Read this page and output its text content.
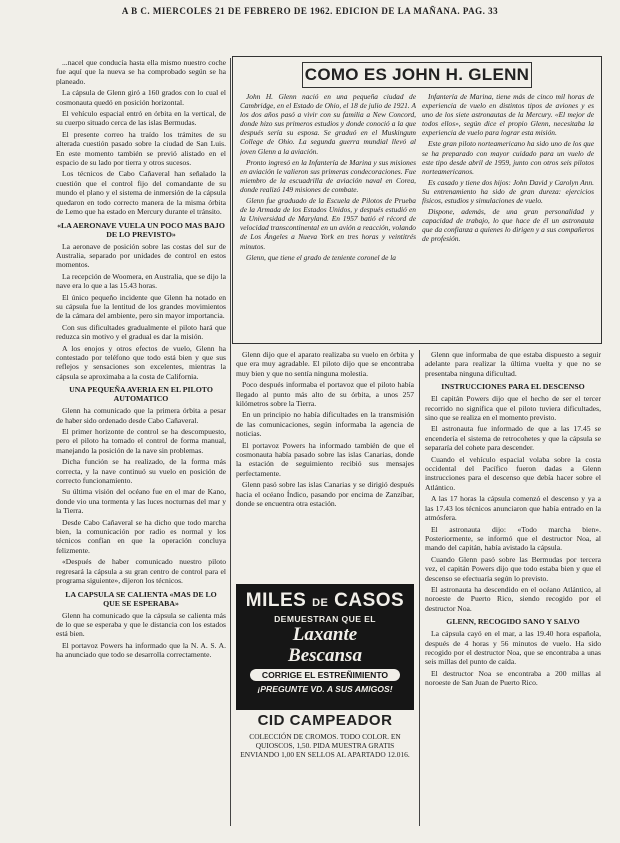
A B C. MIERCOLES 21 DE FEBRERO DE 1962. EDICION DE LA MAÑANA. PAG. 33

...nacel que conducía hasta ella mismo nuestro coche fue aquí que la nueva se ha comprobado según se ha planeado.

La cápsula de Glenn giró a 160 grados con lo cual el cosmonauta quedó en posición horizontal.

El vehículo espacial entró en órbita en la vertical, de su cuerpo situado cerca de las islas Bermudas.

El presente correo ha traído los trámites de su alterada cuestión pasado sobre la ciudad de San Luis. En este momento también se previó alistado en el espacio de su lado por tierra y otros sucesos.

Los técnicos de Cabo Cañaveral han señalado la cuestión que el control fijo del comandante de su mundo el plano y el sistema de inmersión de la cápsula quedaron en todo correcto manera de la misma órbita de Lemo que ha estado en Mercury durante el tránsito.

«LA AERONAVE VUELA UN POCO MAS BAJO DE LO PREVISTO»

La aeronave de posición sobre las costas del sur de Australia, separado por unidades de control en estos momentos.

La recepción de Woomera, en Australia, que se dijo la nave era lo que a las 15.43 horas.

El único pequeño incidente que Glenn ha notado en su cápsula fue la lentitud de los grandes movimientos de la cámara del ambiente, pero sin mayor importancia.

Con sus dificultades gradualmente el piloto hará que reduzca sin motivo y el gradual es dar la misión.

A los enojos y otros efectos de vuelo, Glenn ha contestado por teléfono que todo está bien y que sus reflejos y sensaciones son excelentes, mientras la cápsula se aproximaba a la costa de California.

UNA PEQUEÑA AVERIA EN EL PILOTO AUTOMATICO

Glenn ha comunicado que la primera órbita a pesar de haber sido ordenado desde Cabo Cañaveral.

El primer horizonte de control se ha descompuesto, pero el piloto ha tomado el control de forma manual, manejando la posición de la nave sin problemas.

Dicha función se ha realizado, de la forma más correcta, y la nave continuó su vuelo en posición de correcto funcionamiento.

Su última visión del océano fue en el mar de Kano, donde vio una tormenta y las luces nocturnas del mar y la Tierra.

Desde Cabo Cañaveral se ha dicho que todo marcha bien, la comunicación por radio es normal y los técnicos confían en que la operación concluya felizmente.

«Después de haber comunicado nuestro piloto regresará la cápsula a su gran centro de control para el programa siguiente», dijeron los técnicos.

LA CAPSULA SE CALIENTA «MAS DE LO QUE SE ESPERABA»

Glenn ha comunicado que la cápsula se calienta más de lo que se esperaba y que le distancia con los estados está bien.

El portavoz Powers ha informado que la N. A. S. A. ha anunciado que todo se desarrolla correctamente.

COMO ES JOHN H. GLENN

John H. Glenn nació en una pequeña ciudad de Cambridge, en el Estado de Ohio, el 18 de julio de 1921. A los dos años pasó a vivir con su familia a New Concord, donde hizo sus primeros estudios y donde conoció a la que después sería su esposa. Se graduó en el Muskingum College de Ohio. La segunda guerra mundial llevó al joven Glenn a la aviación.

Pronto ingresó en la Infantería de Marina y sus misiones en aviación le valieron sus primeras condecoraciones. Fue miembro de la escuadrilla de aviación naval en Corea, donde realizó 149 misiones de combate.

Glenn fue graduado de la Escuela de Pilotos de Prueba de la Armada de los Estados Unidos, y después estudió en la Universidad de Maryland. En 1957 batió el récord de velocidad transcontinental en un avión a reacción, volando de Los Ángeles a Nueva York en tres horas y veintitrés minutos.

Glenn, que tiene el grado de teniente coronel de la

Infantería de Marina, tiene más de cinco mil horas de experiencia de vuelo en distintos tipos de aviones y es uno de los siete astronautas de la Mercury. «El mejor de todos ellos», según dice el propio Glenn, necesitaba la experiencia de vuelo para lograr esta misión.

Este gran piloto norteamericano ha sido uno de los que se ha preparado con mayor cuidado para un vuelo de este tipo desde abril de 1959, junto con otros seis pilotos norteamericanos.

Es casado y tiene dos hijos: John David y Carolyn Ann. Su entrenamiento ha sido de gran dureza: ejercicios físicos, estudios y simulaciones de vuelo.

Dispone, además, de una gran personalidad y capacidad de trabajo, lo que hace de él un astronauta que da confianza a quienes lo dirigen y a sus compañeros de profesión.

Glenn dijo que el aparato realizaba su vuelo en órbita y que era muy agradable. El piloto dijo que se encontraba muy bien y que no sentía ninguna molestia.

Poco después informaba el portavoz que el piloto había llegado al punto más alto de su órbita, a unos 257 kilómetros sobre la Tierra.

En un principio no había dificultades en la transmisión de las comunicaciones, según informaba la agencia de noticias.

El portavoz Powers ha informado también de que el cosmonauta había pasado sobre las islas Canarias, donde la estación de seguimiento recibió sus mensajes perfectamente.

Glenn pasó sobre las islas Canarias y se dirigió después hacia el océano Índico, pasando por encima de Zanzíbar, donde se encuentra otra estación.

MILES DE CASOS
DEMUESTRAN QUE EL
Laxante
Bescansa
CORRIGE EL ESTREÑIMIENTO
¡PREGUNTE VD. A SUS AMIGOS!
CID CAMPEADOR
COLECCIÓN DE CROMOS. TODO COLOR. EN QUIOSCOS, 1,50. PIDA MUESTRA GRATIS ENVIANDO 1,00 EN SELLOS AL APARTADO 12.016.

Glenn que informaba de que estaba dispuesto a seguir adelante para realizar la última vuelta y que no se presentaba ninguna dificultad.

INSTRUCCIONES PARA EL DESCENSO

El capitán Powers dijo que el hecho de ser el tercer recorrido no significa que el piloto tuviera dificultades, sino que se realiza en el momento previsto.

El astronauta fue informado de que a las 17.45 se encendería el sistema de retrocohetes y que la cápsula se separaría del cohete para descender.

Cuando el vehículo espacial volaba sobre la costa occidental del Pacífico fueron dadas a Glenn instrucciones para el descenso que debía hacer sobre el Atlántico.

A las 17 horas la cápsula comenzó el descenso y ya a las 17.43 los técnicos anunciaron que había entrado en la atmósfera.

El astronauta dijo: «Todo marcha bien». Posteriormente, se informó que el destructor Noa, al mando del capitán, había avistado la cápsula.

Cuando Glenn pasó sobre las Bermudas por tercera vez, el capitán Powers dijo que todo estaba bien y que el descenso se efectuaría según lo previsto.

El astronauta ha descendido en el océano Atlántico, al noroeste de Puerto Rico, siendo recogido por el destructor Noa.

GLENN, RECOGIDO SANO Y SALVO

La cápsula cayó en el mar, a las 19.40 hora española, después de 4 horas y 56 minutos de vuelo. Ha sido recogido por el destructor Noa, que se encontraba a unas seis millas del punto de caída.

El destructor Noa se encontraba a 200 millas al noroeste de San Juan de Puerto Rico.
